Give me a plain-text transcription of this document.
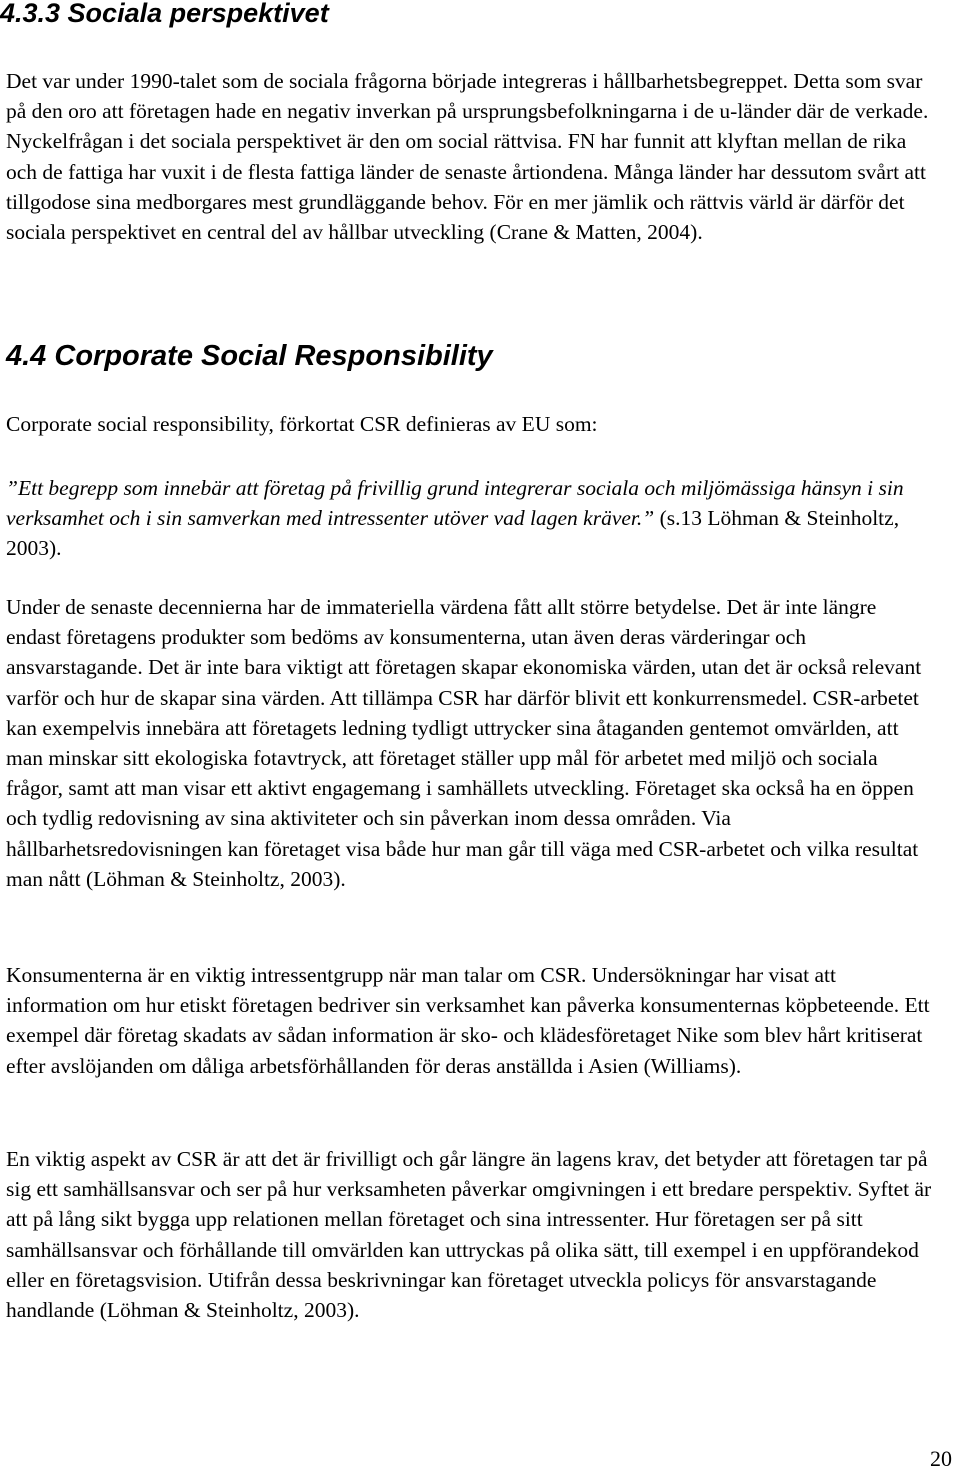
4.3.3 Sociala perspektivet

Det var under 1990-talet som de sociala frågorna började integreras i hållbarhetsbegreppet. Detta som svar på den oro att företagen hade en negativ inverkan på ursprungsbefolkningarna i de u-länder där de verkade. Nyckelfrågan i det sociala perspektivet är den om social rättvisa. FN har funnit att klyftan mellan de rika och de fattiga har vuxit i de flesta fattiga länder de senaste årtiondena. Många länder har dessutom svårt att tillgodose sina medborgares mest grundläggande behov. För en mer jämlik och rättvis värld är därför det sociala perspektivet en central del av hållbar utveckling (Crane & Matten, 2004).

4.4 Corporate Social Responsibility

Corporate social responsibility, förkortat CSR definieras av EU som:

”Ett begrepp som innebär att företag på frivillig grund integrerar sociala och miljömässiga hänsyn i sin verksamhet och i sin samverkan med intressenter utöver vad lagen kräver.” (s.13 Löhman & Steinholtz, 2003).

Under de senaste decennierna har de immateriella värdena fått allt större betydelse. Det är inte längre endast företagens produkter som bedöms av konsumenterna, utan även deras värderingar och ansvarstagande. Det är inte bara viktigt att företagen skapar ekonomiska värden, utan det är också relevant varför och hur de skapar sina värden. Att tillämpa CSR har därför blivit ett konkurrensmedel. CSR-arbetet kan exempelvis innebära att företagets ledning tydligt uttrycker sina åtaganden gentemot omvärlden, att man minskar sitt ekologiska fotavtryck, att företaget ställer upp mål för arbetet med miljö och sociala frågor, samt att man visar ett aktivt engagemang i samhällets utveckling. Företaget ska också ha en öppen och tydlig redovisning av sina aktiviteter och sin påverkan inom dessa områden. Via hållbarhetsredovisningen kan företaget visa både hur man går till väga med CSR-arbetet och vilka resultat man nått (Löhman & Steinholtz, 2003).

Konsumenterna är en viktig intressentgrupp när man talar om CSR. Undersökningar har visat att information om hur etiskt företagen bedriver sin verksamhet kan påverka konsumenternas köpbeteende. Ett exempel där företag skadats av sådan information är sko- och klädesföretaget Nike som blev hårt kritiserat efter avslöjanden om dåliga arbetsförhållanden för deras anställda i Asien (Williams).

En viktig aspekt av CSR är att det är frivilligt och går längre än lagens krav, det betyder att företagen tar på sig ett samhällsansvar och ser på hur verksamheten påverkar omgivningen i ett bredare perspektiv. Syftet är att på lång sikt bygga upp relationen mellan företaget och sina intressenter. Hur företagen ser på sitt samhällsansvar och förhållande till omvärlden kan uttryckas på olika sätt, till exempel i en uppförandekod eller en företagsvision. Utifrån dessa beskrivningar kan företaget utveckla policys för ansvarstagande handlande (Löhman & Steinholtz, 2003).

20
